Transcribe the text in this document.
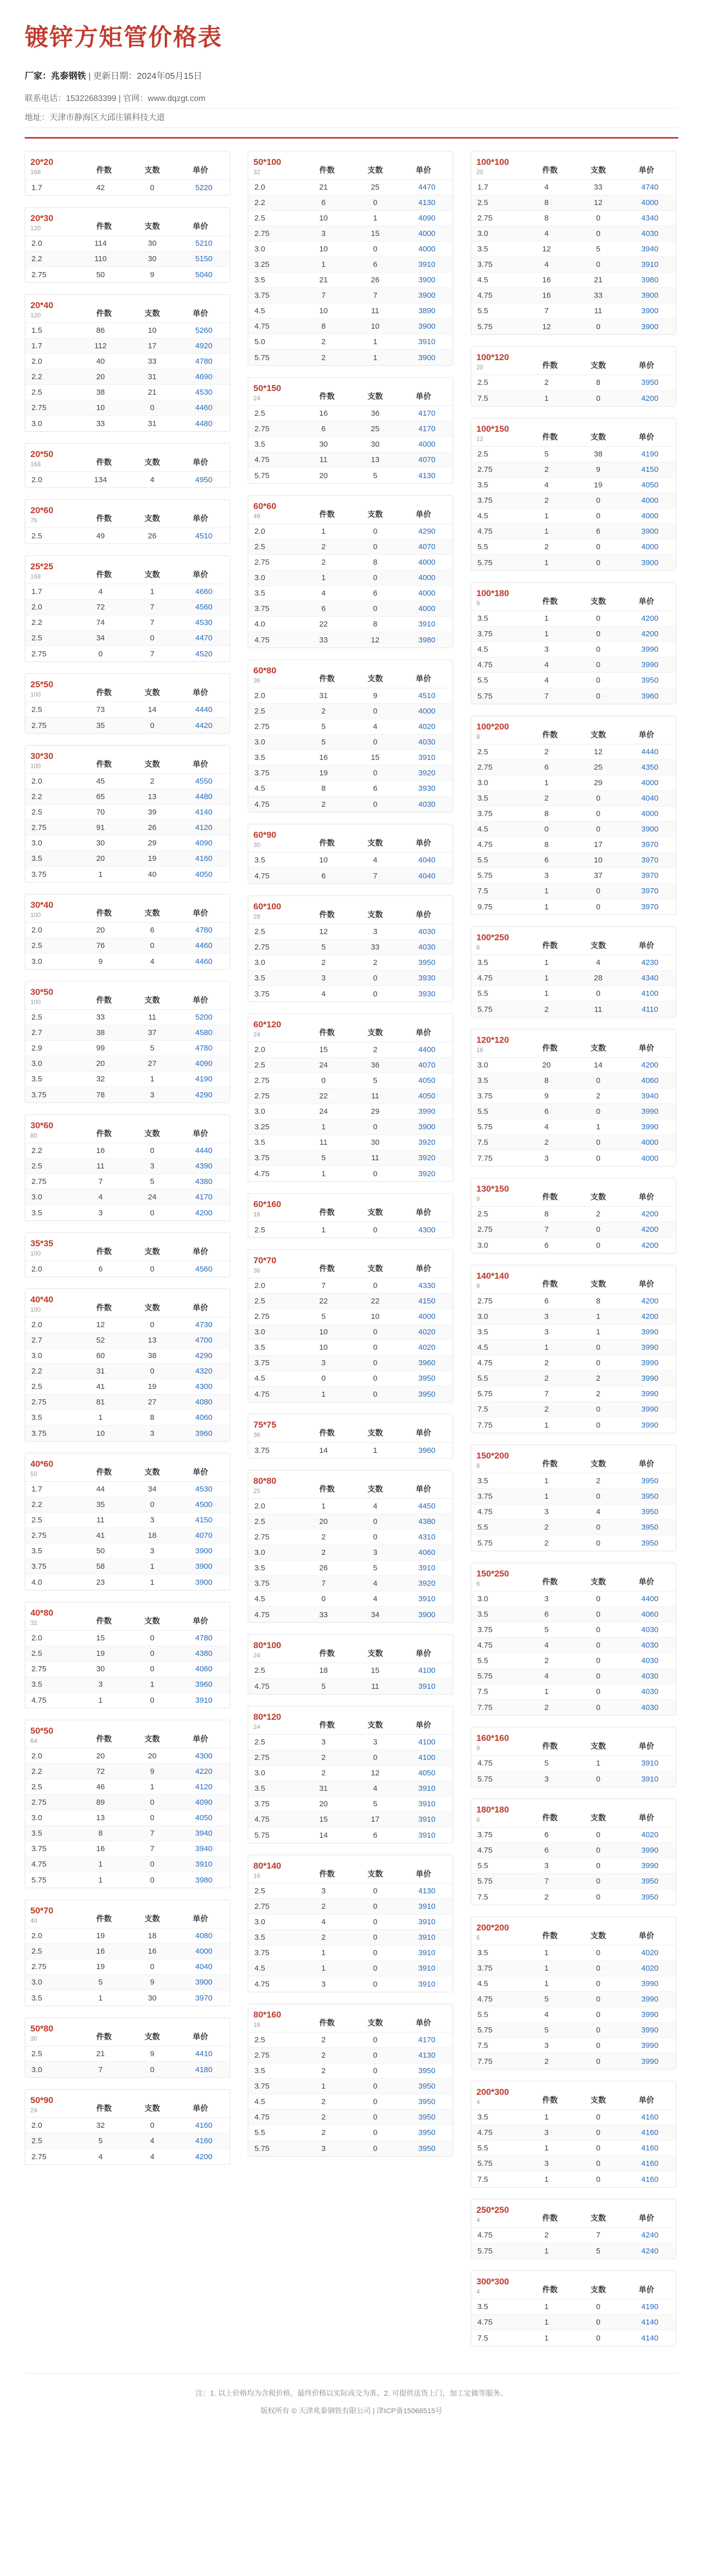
镀锌方矩管价格表
厂家：兆泰钢铁 | 更新日期：2024年05月15日
联系电话：15322683399 | 官网：www.dqzgt.com
地址：天津市静海区大邱庄镇科技大道
20*20
168	件数	支数	单价
1.7	42	0	5220
20*30
120	件数	支数	单价
2.0	114	30	5210
2.2	110	30	5150
2.75	50	9	5040
20*40
120	件数	支数	单价
1.5	86	10	5260
1.7	112	17	4920
2.0	40	33	4780
2.2	20	31	4690
2.5	38	21	4530
2.75	10	0	4460
3.0	33	31	4480
20*50
168	件数	支数	单价
2.0	134	4	4950
20*60
75	件数	支数	单价
2.5	49	26	4510
25*25
168	件数	支数	单价
1.7	4	1	4660
2.0	72	7	4560
2.2	74	7	4530
2.5	34	0	4470
2.75	0	7	4520
25*50
100	件数	支数	单价
2.5	73	14	4440
2.75	35	0	4420
30*30
100	件数	支数	单价
2.0	45	2	4550
2.2	65	13	4480
2.5	70	39	4140
2.75	91	26	4120
3.0	30	29	4090
3.5	20	19	4160
3.75	1	40	4050
30*40
100	件数	支数	单价
2.0	20	6	4780
2.5	76	0	4460
3.0	9	4	4460
30*50
100	件数	支数	单价
2.5	33	11	5200
2.7	38	37	4580
2.9	99	5	4780
3.0	20	27	4090
3.5	32	1	4190
3.75	78	3	4290
30*60
80	件数	支数	单价
2.2	16	0	4440
2.5	11	3	4390
2.75	7	5	4380
3.0	4	24	4170
3.5	3	0	4200
35*35
100	件数	支数	单价
2.0	6	0	4560
40*40
100	件数	支数	单价
2.0	12	0	4730
2.7	52	13	4700
3.0	60	38	4290
2.2	31	0	4320
2.5	41	19	4300
2.75	81	27	4080
3.5	1	8	4060
3.75	10	3	3960
40*60
50	件数	支数	单价
1.7	44	34	4530
2.2	35	0	4500
2.5	11	3	4150
2.75	41	18	4070
3.5	50	3	3900
3.75	58	1	3900
4.0	23	1	3900
40*80
32	件数	支数	单价
2.0	15	0	4780
2.5	19	0	4380
2.75	30	0	4060
3.5	3	1	3960
4.75	1	0	3910
50*50
64	件数	支数	单价
2.0	20	20	4300
2.2	72	9	4220
2.5	46	1	4120
2.75	89	0	4090
3.0	13	0	4050
3.5	8	7	3940
3.75	16	7	3940
4.75	1	0	3910
5.75	1	0	3980
50*70
40	件数	支数	单价
2.0	19	18	4080
2.5	16	16	4000
2.75	19	0	4040
3.0	5	9	3900
3.5	1	30	3970
50*80
30	件数	支数	单价
2.5	21	9	4410
3.0	7	0	4180
50*90
24	件数	支数	单价
2.0	32	0	4160
2.5	5	4	4160
2.75	4	4	4200
50*100
32	件数	支数	单价
2.0	21	25	4470
2.2	6	0	4130
2.5	10	1	4090
2.75	3	15	4000
3.0	10	0	4000
3.25	1	6	3910
3.5	21	26	3900
3.75	7	7	3900
4.5	10	11	3890
4.75	8	10	3900
5.0	2	1	3910
5.75	2	1	3900
50*150
24	件数	支数	单价
2.5	16	36	4170
2.75	6	25	4170
3.5	30	30	4000
4.75	11	13	4070
5.75	20	5	4130
60*60
49	件数	支数	单价
2.0	1	0	4290
2.5	2	0	4070
2.75	2	8	4000
3.0	1	0	4000
3.5	4	6	4000
3.75	6	0	4000
4.0	22	8	3910
4.75	33	12	3980
60*80
36	件数	支数	单价
2.0	31	9	4510
2.5	2	0	4000
2.75	5	4	4020
3.0	5	0	4030
3.5	16	15	3910
3.75	19	0	3920
4.5	8	6	3930
4.75	2	0	4030
60*90
30	件数	支数	单价
3.5	10	4	4040
4.75	6	7	4040
60*100
28	件数	支数	单价
2.5	12	3	4030
2.75	5	33	4030
3.0	2	2	3950
3.5	3	0	3930
3.75	4	0	3930
60*120
24	件数	支数	单价
2.0	15	2	4400
2.5	24	36	4070
2.75	0	5	4050
2.75	22	11	4050
3.0	24	29	3990
3.25	1	0	3900
3.5	11	30	3920
3.75	5	11	3920
4.75	1	0	3920
60*160
16	件数	支数	单价
2.5	1	0	4300
70*70
36	件数	支数	单价
2.0	7	0	4330
2.5	22	22	4150
2.75	5	10	4000
3.0	10	0	4020
3.5	10	0	4020
3.75	3	0	3960
4.5	0	0	3950
4.75	1	0	3950
75*75
36	件数	支数	单价
3.75	14	1	3960
80*80
25	件数	支数	单价
2.0	1	4	4450
2.5	20	0	4380
2.75	2	0	4310
3.0	2	3	4060
3.5	26	5	3910
3.75	7	4	3920
4.5	0	4	3910
4.75	33	34	3900
80*100
24	件数	支数	单价
2.5	18	15	4100
4.75	5	11	3910
80*120
24	件数	支数	单价
2.5	3	3	4100
2.75	2	0	4100
3.0	2	12	4050
3.5	31	4	3910
3.75	20	5	3910
4.75	15	17	3910
5.75	14	6	3910
80*140
16	件数	支数	单价
2.5	3	0	4130
2.75	2	0	3910
3.0	4	0	3910
3.5	2	0	3910
3.75	1	0	3910
4.5	1	0	3910
4.75	3	0	3910
80*160
16	件数	支数	单价
2.5	2	0	4170
2.75	2	0	4130
3.5	2	0	3950
3.75	1	0	3950
4.5	2	0	3950
4.75	2	0	3950
5.5	2	0	3950
5.75	3	0	3950
100*100
20	件数	支数	单价
1.7	4	33	4740
2.5	8	12	4000
2.75	8	0	4340
3.0	4	0	4030
3.5	12	5	3940
3.75	4	0	3910
4.5	16	21	3980
4.75	16	33	3900
5.5	7	11	3900
5.75	12	0	3900
100*120
20	件数	支数	单价
2.5	2	8	3950
7.5	1	0	4200
100*150
12	件数	支数	单价
2.5	5	38	4190
2.75	2	9	4150
3.5	4	19	4050
3.75	2	0	4000
4.5	1	0	4000
4.75	1	6	3900
5.5	2	0	4000
5.75	1	0	3900
100*180
9	件数	支数	单价
3.5	1	0	4200
3.75	1	0	4200
4.5	3	0	3990
4.75	4	0	3990
5.5	4	0	3950
5.75	7	0	3960
100*200
8	件数	支数	单价
2.5	2	12	4440
2.75	6	25	4350
3.0	1	29	4000
3.5	2	0	4040
3.75	8	0	4000
4.5	0	0	3900
4.75	8	17	3970
5.5	6	10	3970
5.75	3	37	3970
7.5	1	0	3970
9.75	1	0	3970
100*250
6	件数	支数	单价
3.5	1	4	4230
4.75	1	28	4340
5.5	1	0	4100
5.75	2	11	4110
120*120
16	件数	支数	单价
3.0	20	14	4200
3.5	8	0	4060
3.75	9	2	3940
5.5	6	0	3990
5.75	4	1	3990
7.5	2	0	4000
7.75	3	0	4000
130*150
9	件数	支数	单价
2.5	8	2	4200
2.75	7	0	4200
3.0	6	0	4200
140*140
9	件数	支数	单价
2.75	6	8	4200
3.0	3	1	4200
3.5	3	1	3990
4.5	1	0	3990
4.75	2	0	3990
5.5	2	2	3990
5.75	7	2	3990
7.5	2	0	3990
7.75	1	0	3990
150*200
8	件数	支数	单价
3.5	1	2	3950
3.75	1	0	3950
4.75	3	4	3950
5.5	2	0	3950
5.75	2	0	3950
150*250
6	件数	支数	单价
3.0	3	0	4400
3.5	6	0	4060
3.75	5	0	4030
4.75	4	0	4030
5.5	2	0	4030
5.75	4	0	4030
7.5	1	0	4030
7.75	2	0	4030
160*160
9	件数	支数	单价
4.75	5	1	3910
5.75	3	0	3910
180*180
8	件数	支数	单价
3.75	6	0	4020
4.75	6	0	3990
5.5	3	0	3990
5.75	7	0	3950
7.5	2	0	3950
200*200
6	件数	支数	单价
3.5	1	0	4020
3.75	1	0	4020
4.5	1	0	3990
4.75	5	0	3990
5.5	4	0	3990
5.75	5	0	3990
7.5	3	0	3990
7.75	2	0	3990
200*300
4	件数	支数	单价
3.5	1	0	4160
4.75	3	0	4160
5.5	1	0	4160
5.75	3	0	4160
7.5	1	0	4160
250*250
4	件数	支数	单价
4.75	2	7	4240
5.75	1	5	4240
300*300
4	件数	支数	单价
3.5	1	0	4190
4.75	1	0	4140
7.5	1	0	4140
注：1. 以上价格均为含税价格，最终价格以实际成交为准。2. 可提供送货上门，加工定做等服务。
版权所有 © 天津兆泰钢铁有限公司 | 津ICP备15068515号
